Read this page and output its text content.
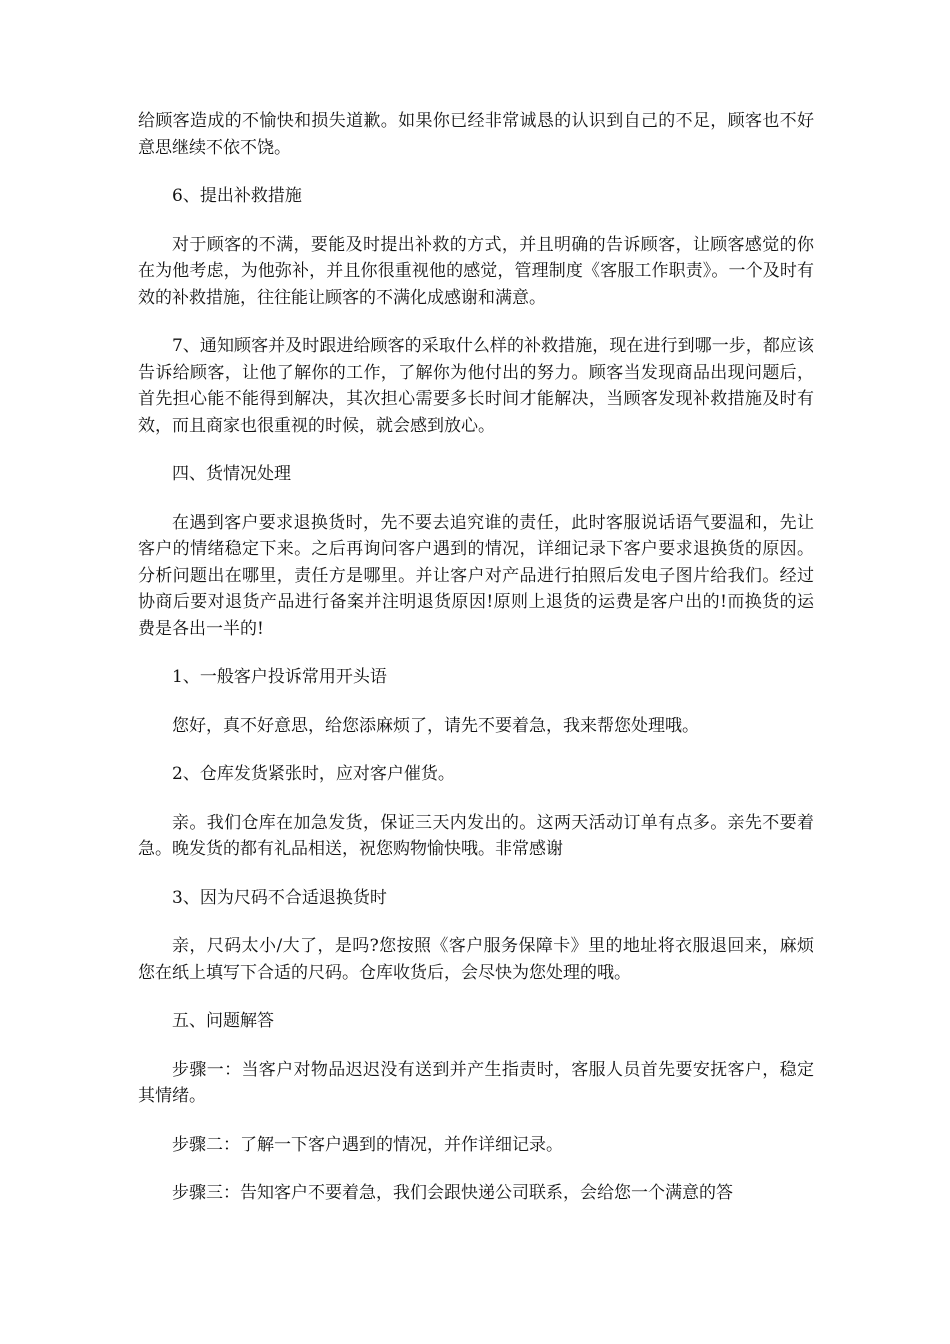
给顾客造成的不愉快和损失道歉。如果你已经非常诚恳的认识到自己的不足，顾客也不好意思继续不依不饶。

6、提出补救措施

对于顾客的不满，要能及时提出补救的方式，并且明确的告诉顾客，让顾客感觉的你在为他考虑，为他弥补，并且你很重视他的感觉，管理制度《客服工作职责》。一个及时有效的补救措施，往往能让顾客的不满化成感谢和满意。

7、通知顾客并及时跟进给顾客的采取什么样的补救措施，现在进行到哪一步，都应该告诉给顾客，让他了解你的工作，了解你为他付出的努力。顾客当发现商品出现问题后，首先担心能不能得到解决，其次担心需要多长时间才能解决，当顾客发现补救措施及时有效，而且商家也很重视的时候，就会感到放心。

四、货情况处理

在遇到客户要求退换货时，先不要去追究谁的责任，此时客服说话语气要温和，先让客户的情绪稳定下来。之后再询问客户遇到的情况，详细记录下客户要求退换货的原因。分析问题出在哪里，责任方是哪里。并让客户对产品进行拍照后发电子图片给我们。经过协商后要对退货产品进行备案并注明退货原因!原则上退货的运费是客户出的!而换货的运费是各出一半的!

1、一般客户投诉常用开头语

您好，真不好意思，给您添麻烦了，请先不要着急，我来帮您处理哦。

2、仓库发货紧张时，应对客户催货。

亲。我们仓库在加急发货，保证三天内发出的。这两天活动订单有点多。亲先不要着急。晚发货的都有礼品相送，祝您购物愉快哦。非常感谢

3、因为尺码不合适退换货时

亲，尺码太小/大了，是吗?您按照《客户服务保障卡》里的地址将衣服退回来，麻烦您在纸上填写下合适的尺码。仓库收货后，会尽快为您处理的哦。

五、问题解答

步骤一：当客户对物品迟迟没有送到并产生指责时，客服人员首先要安抚客户，稳定其情绪。

步骤二：了解一下客户遇到的情况，并作详细记录。

步骤三：告知客户不要着急，我们会跟快递公司联系，会给您一个满意的答
